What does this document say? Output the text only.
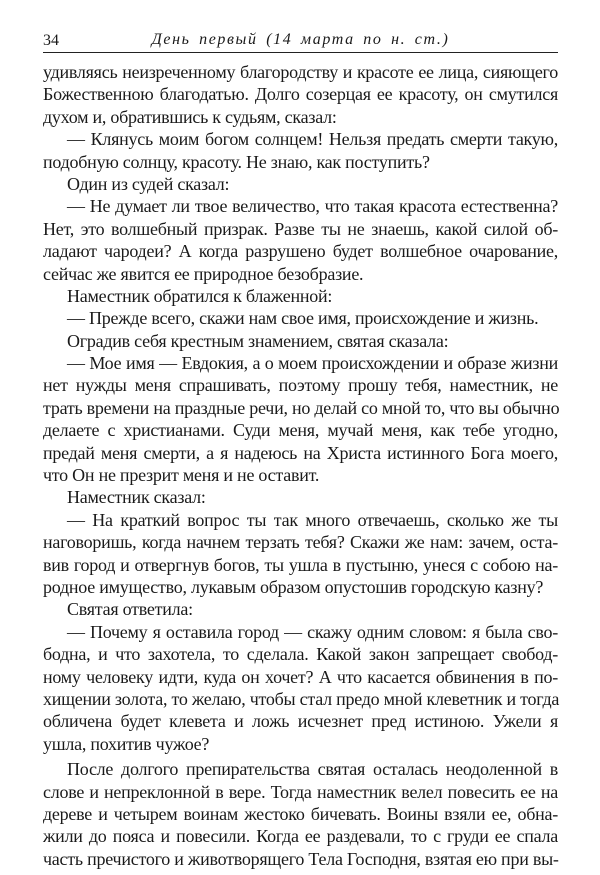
34	День первый (14 марта по н. ст.)
удивляясь неизреченному благородству и красоте ее лица, сияющего
Божественною благодатью. Долго созерцая ее красоту, он смутился
духом и, обратившись к судьям, сказал:
— Клянусь моим богом солнцем! Нельзя предать смерти такую,
подобную солнцу, красоту. Не знаю, как поступить?
Один из судей сказал:
— Не думает ли твое величество, что такая красота естественна?
Нет, это волшебный призрак. Разве ты не знаешь, какой силой об-
ладают чародеи? А когда разрушено будет волшебное очарование,
сейчас же явится ее природное безобразие.
Наместник обратился к блаженной:
— Прежде всего, скажи нам свое имя, происхождение и жизнь.
Оградив себя крестным знамением, святая сказала:
— Мое имя — Евдокия, а о моем происхождении и образе жизни
нет нужды меня спрашивать, поэтому прошу тебя, наместник, не
трать времени на праздные речи, но делай со мной то, что вы обычно
делаете с христианами. Суди меня, мучай меня, как тебе угодно,
предай меня смерти, а я надеюсь на Христа истинного Бога моего,
что Он не презрит меня и не оставит.
Наместник сказал:
— На краткий вопрос ты так много отвечаешь, сколько же ты
наговоришь, когда начнем терзать тебя? Скажи же нам: зачем, оста-
вив город и отвергнув богов, ты ушла в пустыню, унеся с собою на-
родное имущество, лукавым образом опустошив городскую казну?
Святая ответила:
— Почему я оставила город — скажу одним словом: я была сво-
бодна, и что захотела, то сделала. Какой закон запрещает свобод-
ному человеку идти, куда он хочет? А что касается обвинения в по-
хищении золота, то желаю, чтобы стал предо мной клеветник и тогда
обличена будет клевета и ложь исчезнет пред истиною. Ужели я
ушла, похитив чужое?
После долгого препирательства святая осталась неодоленной в
слове и непреклонной в вере. Тогда наместник велел повесить ее на
дереве и четырем воинам жестоко бичевать. Воины взяли ее, обна-
жили до пояса и повесили. Когда ее раздевали, то с груди ее спала
часть пречистого и животворящего Тела Господня, взятая ею при вы-
